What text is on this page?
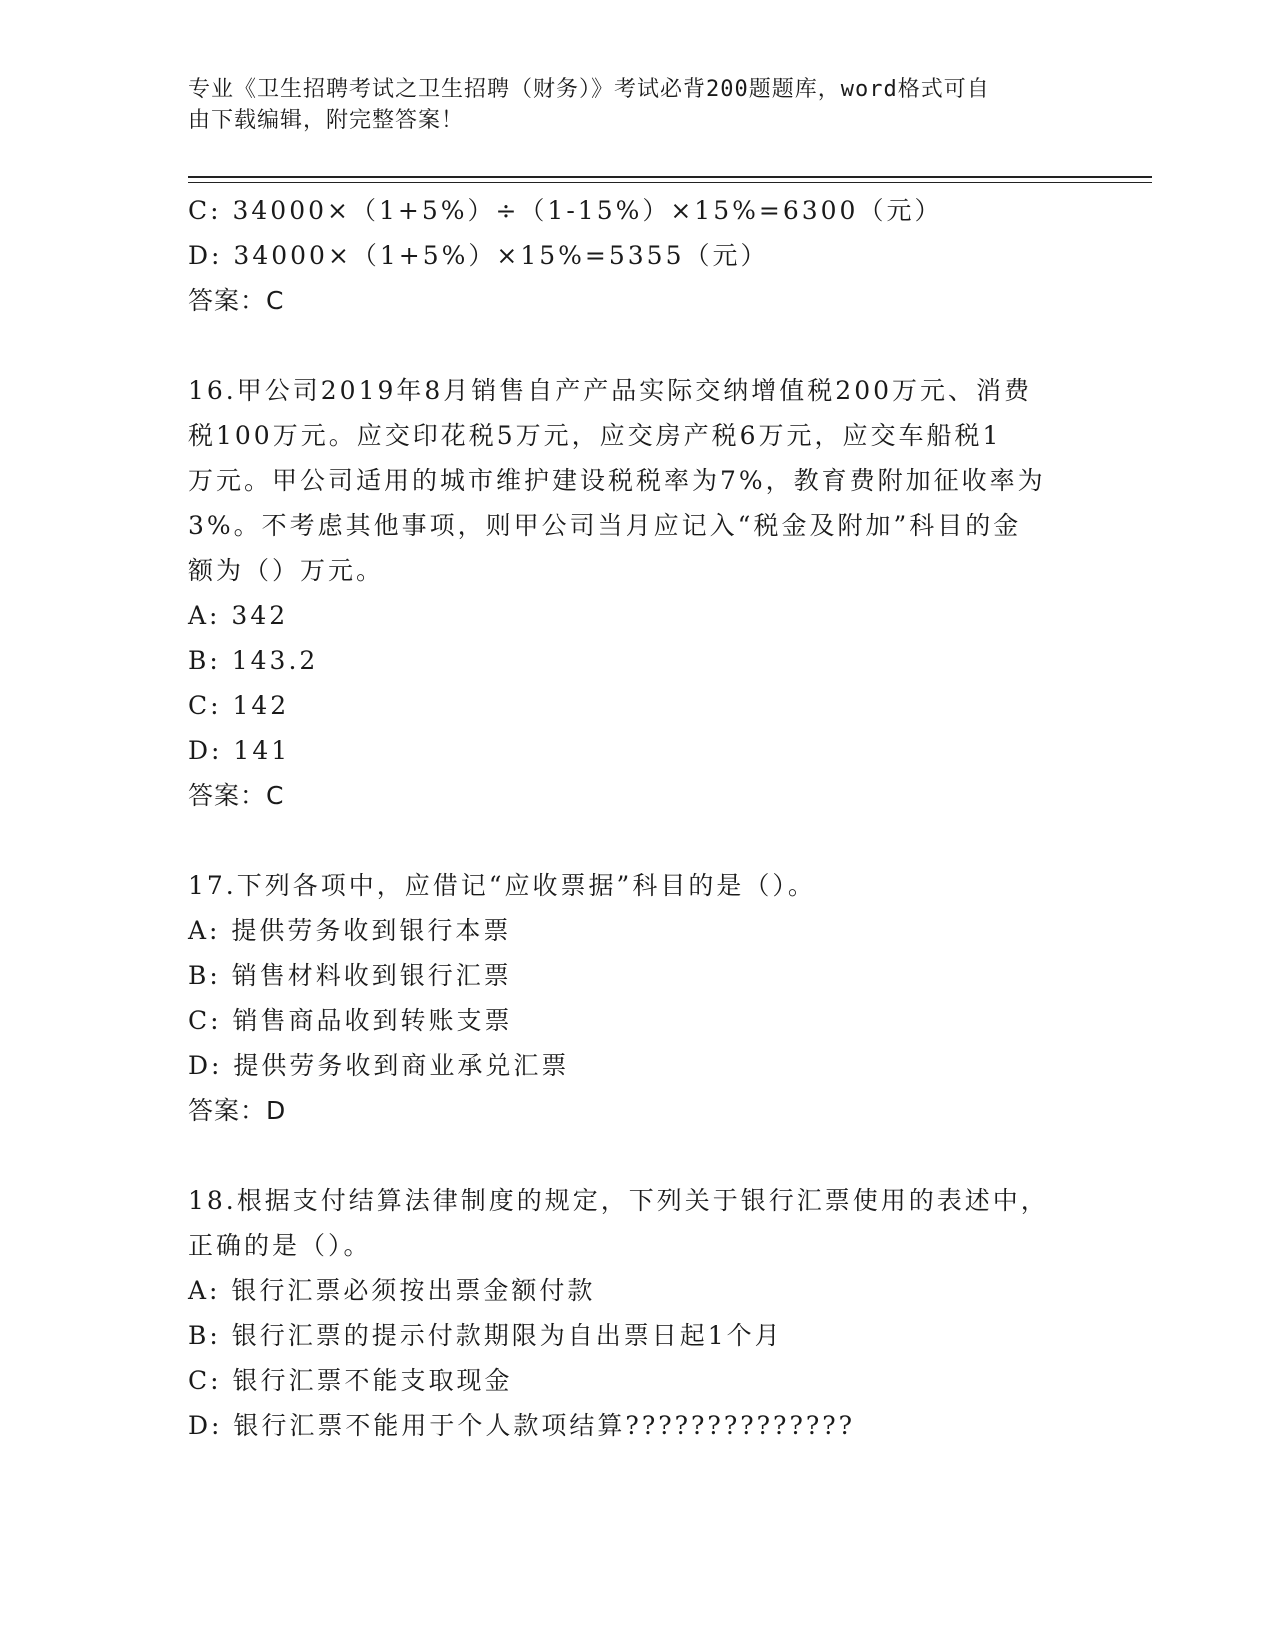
专业《卫生招聘考试之卫生招聘（财务）》考试必背200题题库，word格式可自
由下载编辑，附完整答案！
C: 34000×（1+5%）÷（1-15%）×15%=6300（元）
D: 34000×（1+5%）×15%=5355（元）
答案：C
16.甲公司2019年8月销售自产产品实际交纳增值税200万元、消费
税100万元。应交印花税5万元，应交房产税6万元，应交车船税1
万元。甲公司适用的城市维护建设税税率为7%，教育费附加征收率为
3%。不考虑其他事项，则甲公司当月应记入“税金及附加”科目的金
额为（）万元。
A: 342
B: 143.2
C: 142
D: 141
答案：C
17.下列各项中，应借记“应收票据”科目的是（）。
A: 提供劳务收到银行本票
B: 销售材料收到银行汇票
C: 销售商品收到转账支票
D: 提供劳务收到商业承兑汇票
答案：D
18.根据支付结算法律制度的规定，下列关于银行汇票使用的表述中，
正确的是（）。
A: 银行汇票必须按出票金额付款
B: 银行汇票的提示付款期限为自出票日起1个月
C: 银行汇票不能支取现金
D: 银行汇票不能用于个人款项结算??????????????
